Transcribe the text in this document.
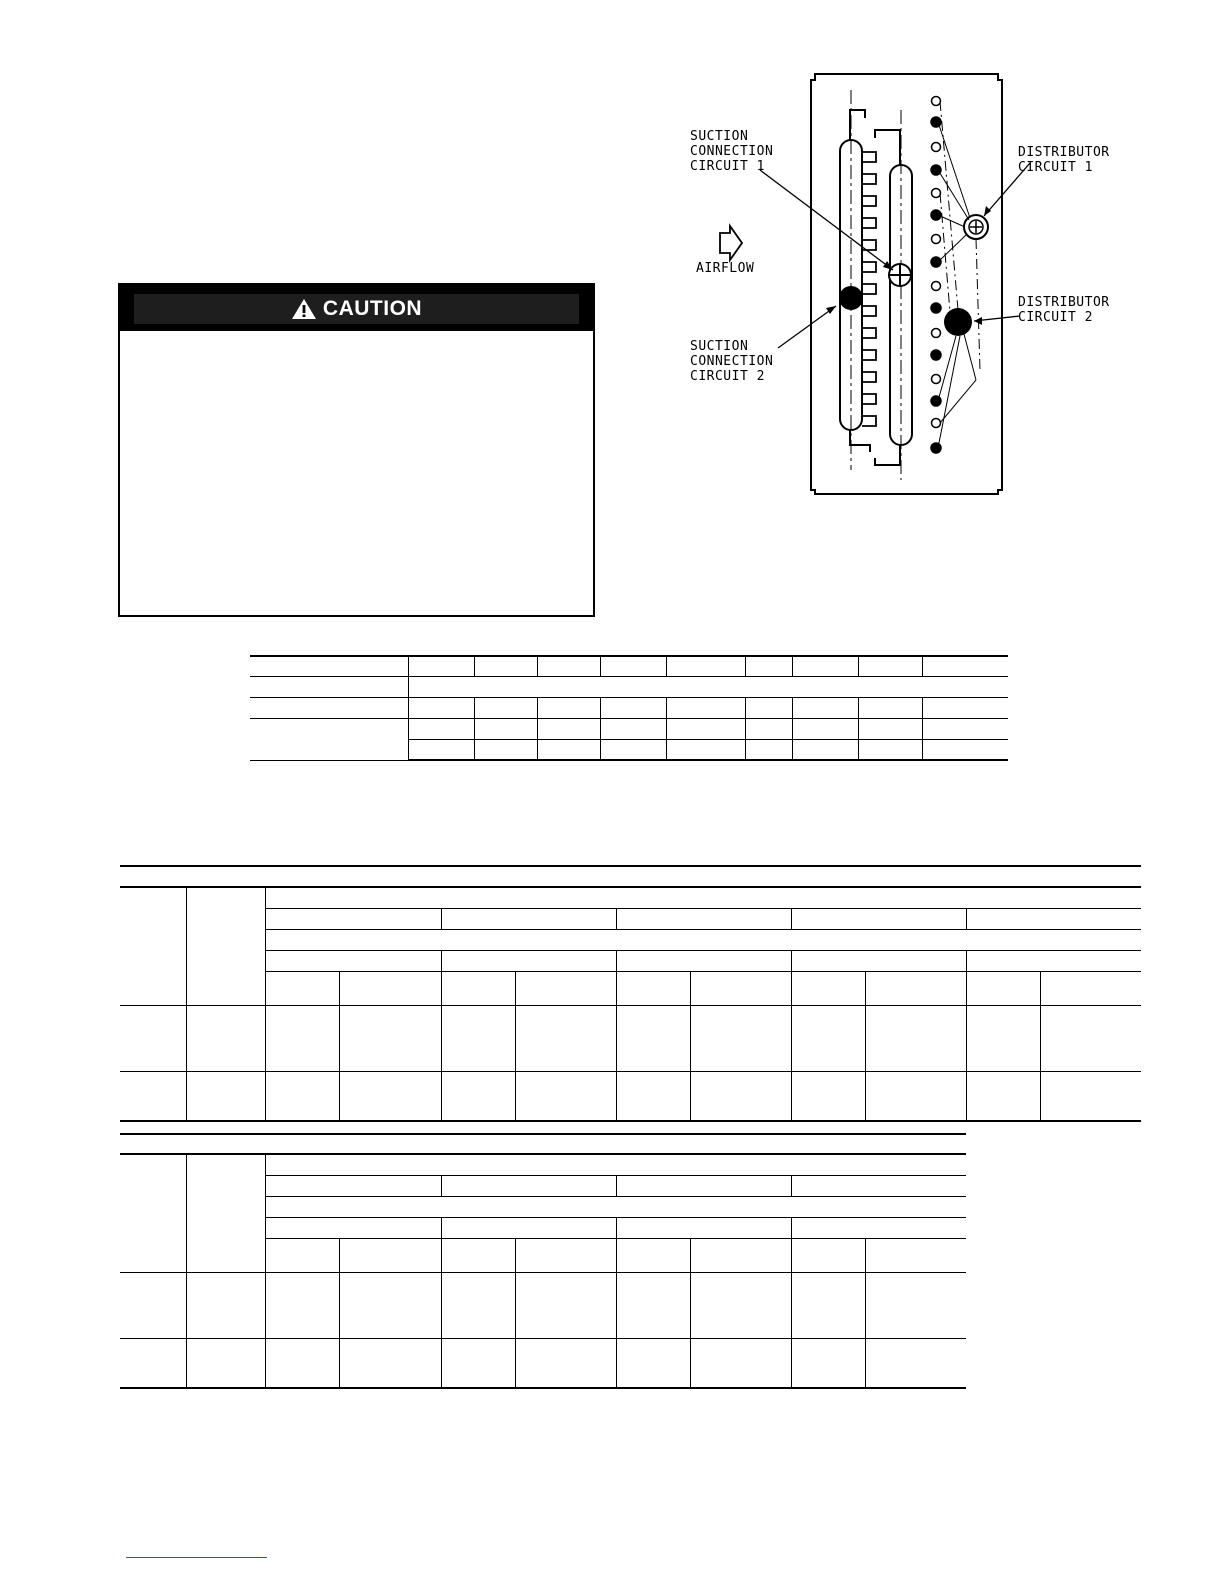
CAUTION
SUCTION
CONNECTION
CIRCUIT 1
SUCTION
CONNECTION
CIRCUIT 2
DISTRIBUTOR
CIRCUIT 1
DISTRIBUTOR
CIRCUIT 2
AIRFLOW
